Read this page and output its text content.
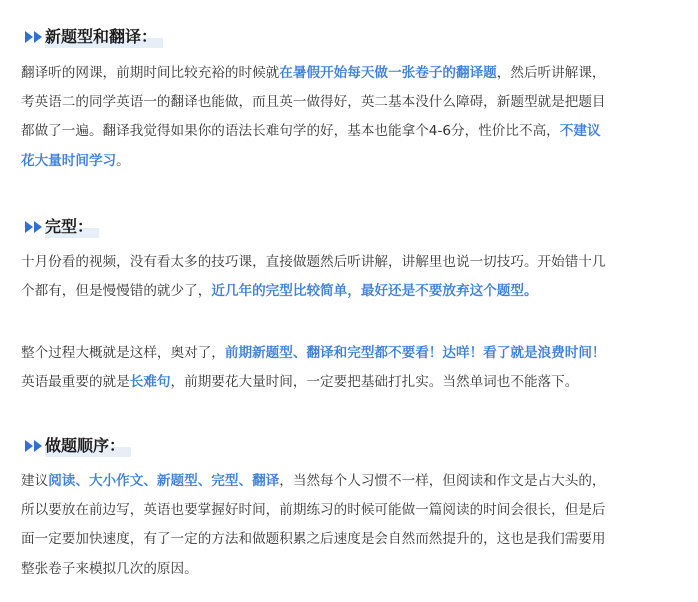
新题型和翻译：
翻译听的网课，前期时间比较充裕的时候就在暑假开始每天做一张卷子的翻译题，然后听讲解课，
考英语二的同学英语一的翻译也能做，而且英一做得好，英二基本没什么障碍，新题型就是把题目
都做了一遍。翻译我觉得如果你的语法长难句学的好，基本也能拿个4-6分，性价比不高，不建议
花大量时间学习。
完型：
十月份看的视频，没有看太多的技巧课，直接做题然后听讲解，讲解里也说一切技巧。开始错十几
个都有，但是慢慢错的就少了，近几年的完型比较简单，最好还是不要放弃这个题型。
整个过程大概就是这样，奥对了，前期新题型、翻译和完型都不要看！达咩！看了就是浪费时间！
英语最重要的就是长难句，前期要花大量时间，一定要把基础打扎实。当然单词也不能落下。
做题顺序：
建议阅读、大小作文、新题型、完型、翻译，当然每个人习惯不一样，但阅读和作文是占大头的，
所以要放在前边写，英语也要掌握好时间，前期练习的时候可能做一篇阅读的时间会很长，但是后
面一定要加快速度，有了一定的方法和做题积累之后速度是会自然而然提升的，这也是我们需要用
整张卷子来模拟几次的原因。
